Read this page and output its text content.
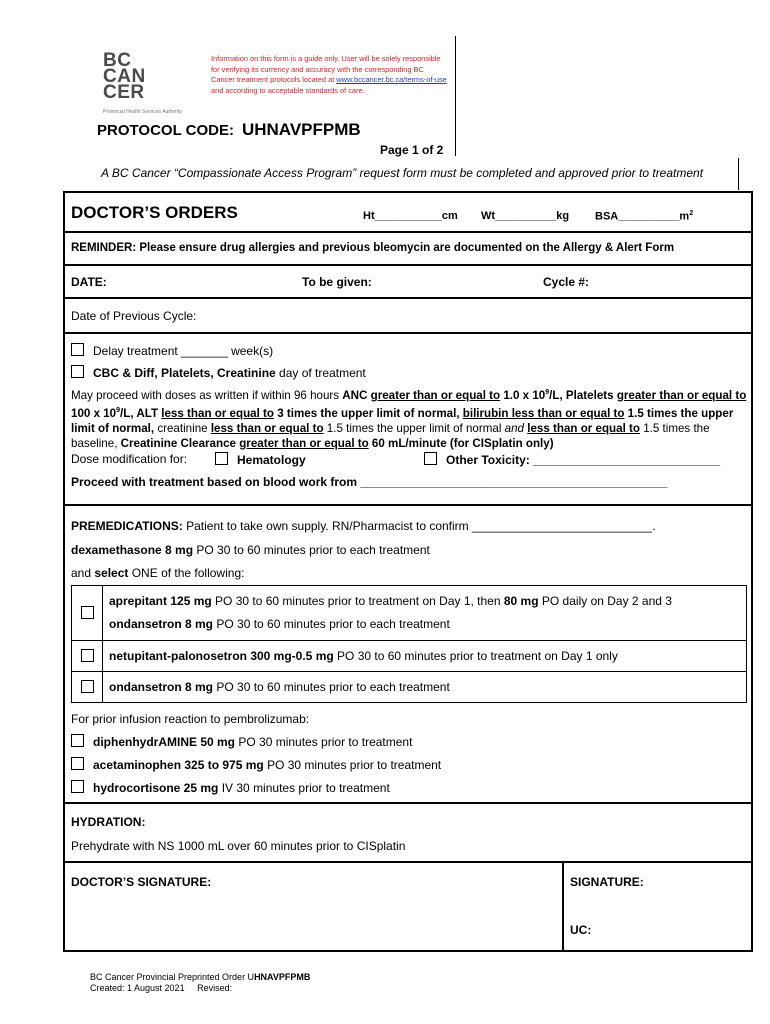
BC
CAN
CER
Provincial Health Services Authority
Information on this form is a guide only. User will be solely responsible for verifying its currency and accuracy with the corresponding BC Cancer treatment protocols located at www.bccancer.bc.ca/terms-of-use and according to acceptable standards of care.
PROTOCOL CODE: UHNAVPFPMB
Page 1 of 2
A BC Cancer “Compassionate Access Program” request form must be completed and approved prior to treatment
DOCTOR’S ORDERS	Ht___________cm Wt__________kg $BSA\_\_\_\_\_\_\_\_\_\_m^2$
REMINDER: Please ensure drug allergies and previous bleomycin are documented on the Allergy & Alert Form
DATE:	To be given:	Cycle #:
Date of Previous Cycle:
Delay treatment _______ week(s)
CBC & Diff, Platelets, Creatinine day of treatment
May proceed with doses as written if within 96 hours ANC greater than or equal to 1.0 x $10^9/L$, Platelets greater than or equal to 100 x $10^9/L$, ALT less than or equal to 3 times the upper limit of normal, bilirubin less than or equal to 1.5 times the upper limit of normal, creatinine less than or equal to 1.5 times the upper limit of normal and less than or equal to 1.5 times the baseline, Creatinine Clearance greater than or equal to 60 mL/minute (for CISplatin only)
Dose modification for:	Hematology	Other Toxicity: ____________________________
Proceed with treatment based on blood work from ______________________________________________
PREMEDICATIONS: Patient to take own supply. RN/Pharmacist to confirm ___________________________.
dexamethasone 8 mg PO 30 to 60 minutes prior to each treatment
and select ONE of the following:

	aprepitant 125 mg PO 30 to 60 minutes prior to treatment on Day 1, then 80 mg PO daily on Day 2 and 3
ondansetron 8 mg PO 30 to 60 minutes prior to each treatment

	netupitant-palonosetron 300 mg-0.5 mg PO 30 to 60 minutes prior to treatment on Day 1 only
	ondansetron 8 mg PO 30 to 60 minutes prior to each treatment
For prior infusion reaction to pembrolizumab:
diphenhydrAMINE 50 mg PO 30 minutes prior to treatment
acetaminophen 325 to 975 mg PO 30 minutes prior to treatment
hydrocortisone 25 mg IV 30 minutes prior to treatment
HYDRATION:
Prehydrate with NS 1000 mL over 60 minutes prior to CISplatin
DOCTOR’S SIGNATURE:	SIGNATURE:
UC:
BC Cancer Provincial Preprinted Order UHNAVPFPMB
Created: 1 August 2021     Revised:
